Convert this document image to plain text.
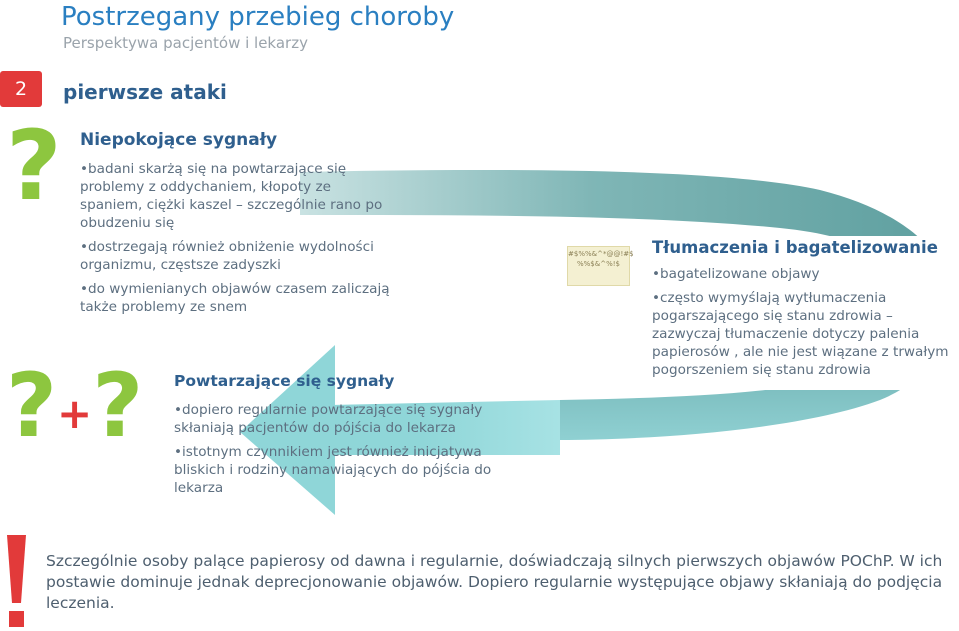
Postrzegany przebieg choroby
Perspektywa pacjentów i lekarzy
2	pierwsze ataki
?
?+?
Niepokojące sygnały

•badani skarżą się na powtarzające się problemy z oddychaniem, kłopoty ze spaniem, ciężki kaszel – szczególnie rano po obudzeniu się

•dostrzegają również obniżenie wydolności organizmu, częstsze zadyszki

•do wymienianych objawów czasem zaliczają także problemy ze snem

#$%%&^*@@!#$ %%$&^%!$
Tłumaczenia i bagatelizowanie

•bagatelizowane objawy

•często wymyślają wytłumaczenia pogarszającego się stanu zdrowia – zazwyczaj tłumaczenie dotyczy palenia papierosów , ale nie jest wiązane z trwałym pogorszeniem się stanu zdrowia

Powtarzające się sygnały

•dopiero regularnie powtarzające się sygnały skłaniają pacjentów do pójścia do lekarza

•istotnym czynnikiem jest również inicjatywa bliskich i rodziny namawiających do pójścia do lekarza

Szczególnie osoby palące papierosy od dawna i regularnie, doświadczają silnych pierwszych objawów POChP. W ich postawie dominuje jednak deprecjonowanie objawów. Dopiero regularnie występujące objawy skłaniają do podjęcia leczenia.
